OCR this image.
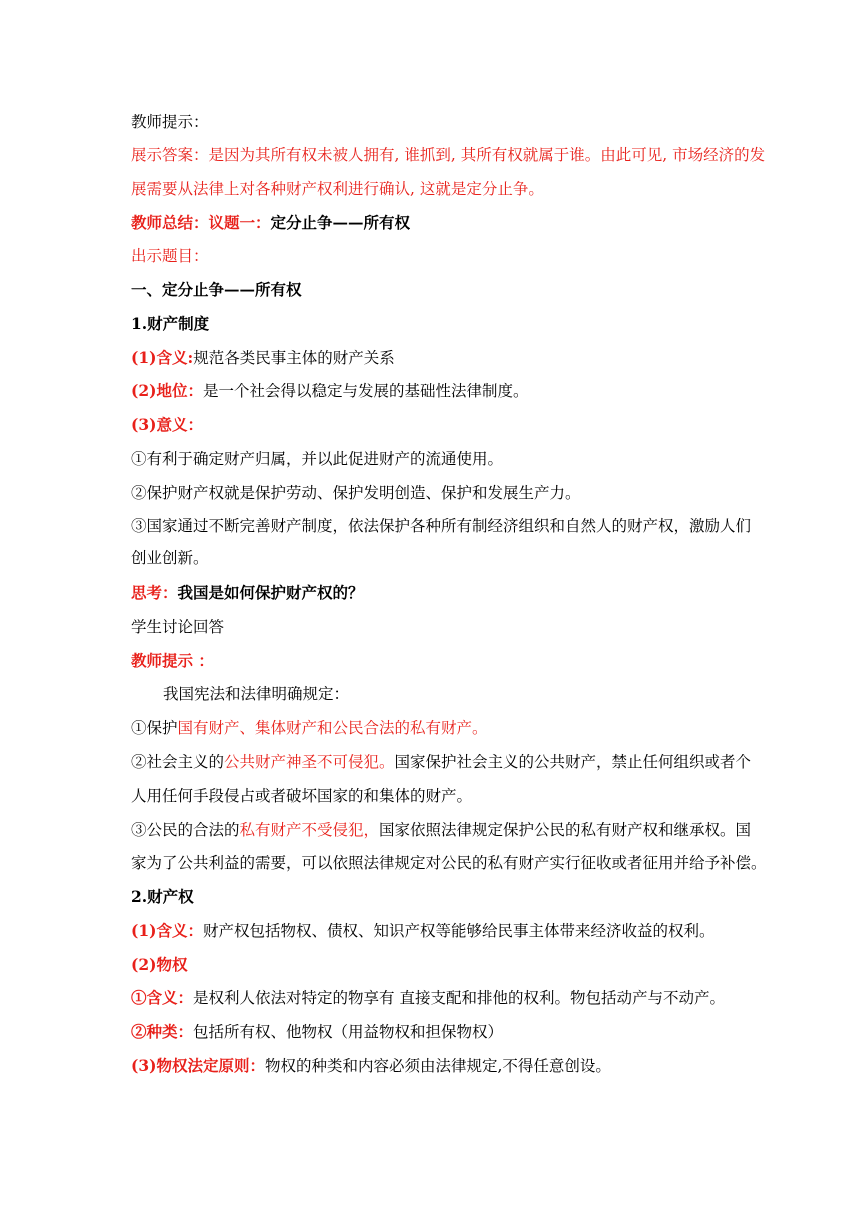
教师提示：
展示答案：是因为其所有权未被人拥有, 谁抓到, 其所有权就属于谁。由此可见, 市场经济的发
展需要从法律上对各种财产权利进行确认, 这就是定分止争。
教师总结：议题一：定分止争——所有权
出示题目：
一、定分止争——所有权
1.财产制度
(1)含义:规范各类民事主体的财产关系
(2)地位：是一个社会得以稳定与发展的基础性法律制度。
(3)意义：
①有利于确定财产归属，并以此促进财产的流通使用。
②保护财产权就是保护劳动、保护发明创造、保护和发展生产力。
③国家通过不断完善财产制度，依法保护各种所有制经济组织和自然人的财产权，激励人们
创业创新。
思考：我国是如何保护财产权的？
学生讨论回答
教师提示 ：
我国宪法和法律明确规定：
①保护国有财产、集体财产和公民合法的私有财产。
②社会主义的公共财产神圣不可侵犯。国家保护社会主义的公共财产，禁止任何组织或者个
人用任何手段侵占或者破坏国家的和集体的财产。
③公民的合法的私有财产不受侵犯，国家依照法律规定保护公民的私有财产权和继承权。国
家为了公共利益的需要，可以依照法律规定对公民的私有财产实行征收或者征用并给予补偿。
2.财产权
(1)含义：财产权包括物权、债权、知识产权等能够给民事主体带来经济收益的权利。
(2)物权
①含义：是权利人依法对特定的物享有 直接支配和排他的权利。物包括动产与不动产。
②种类：包括所有权、他物权（用益物权和担保物权）
(3)物权法定原则：物权的种类和内容必须由法律规定,不得任意创设。
